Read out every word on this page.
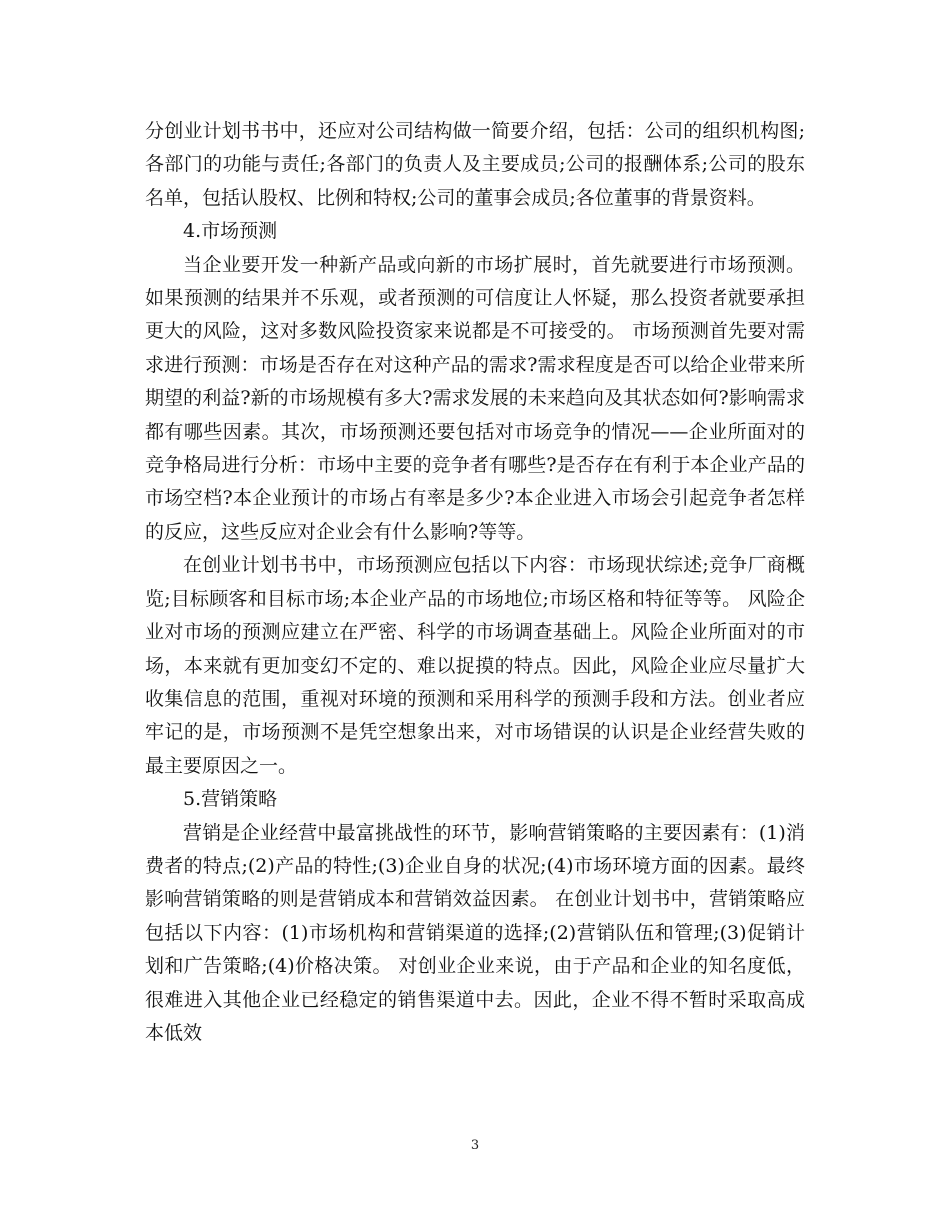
分创业计划书书中，还应对公司结构做一简要介绍，包括：公司的组织机构图;各部门的功能与责任;各部门的负责人及主要成员;公司的报酬体系;公司的股东名单，包括认股权、比例和特权;公司的董事会成员;各位董事的背景资料。

4.市场预测

当企业要开发一种新产品或向新的市场扩展时，首先就要进行市场预测。如果预测的结果并不乐观，或者预测的可信度让人怀疑，那么投资者就要承担更大的风险，这对多数风险投资家来说都是不可接受的。 市场预测首先要对需求进行预测：市场是否存在对这种产品的需求?需求程度是否可以给企业带来所期望的利益?新的市场规模有多大?需求发展的未来趋向及其状态如何?影响需求都有哪些因素。其次，市场预测还要包括对市场竞争的情况——企业所面对的竞争格局进行分析：市场中主要的竞争者有哪些?是否存在有利于本企业产品的市场空档?本企业预计的市场占有率是多少?本企业进入市场会引起竞争者怎样的反应，这些反应对企业会有什么影响?等等。

在创业计划书书中，市场预测应包括以下内容：市场现状综述;竞争厂商概览;目标顾客和目标市场;本企业产品的市场地位;市场区格和特征等等。 风险企业对市场的预测应建立在严密、科学的市场调查基础上。风险企业所面对的市场，本来就有更加变幻不定的、难以捉摸的特点。因此，风险企业应尽量扩大收集信息的范围，重视对环境的预测和采用科学的预测手段和方法。创业者应牢记的是，市场预测不是凭空想象出来，对市场错误的认识是企业经营失败的最主要原因之一。

5.营销策略

营销是企业经营中最富挑战性的环节，影响营销策略的主要因素有：(1)消费者的特点;(2)产品的特性;(3)企业自身的状况;(4)市场环境方面的因素。最终影响营销策略的则是营销成本和营销效益因素。 在创业计划书中，营销策略应包括以下内容：(1)市场机构和营销渠道的选择;(2)营销队伍和管理;(3)促销计划和广告策略;(4)价格决策。 对创业企业来说，由于产品和企业的知名度低，很难进入其他企业已经稳定的销售渠道中去。因此，企业不得不暂时采取高成本低效

3
